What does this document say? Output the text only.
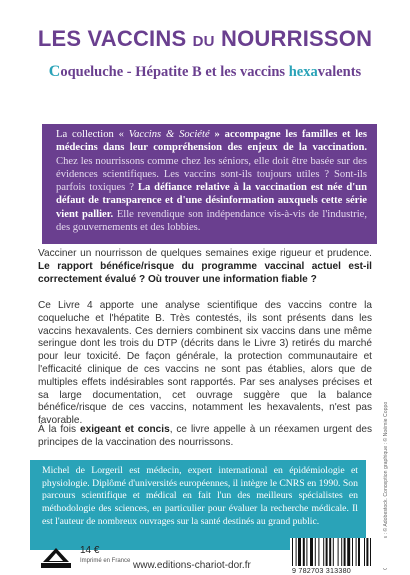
LES VACCINS DU NOURRISSON
Coqueluche - Hépatite B et les vaccins hexavalents
La collection « Vaccins & Société » accompagne les familles et les médecins dans leur compréhension des enjeux de la vaccination. Chez les nourrissons comme chez les séniors, elle doit être basée sur des évidences scientifiques. Les vaccins sont-ils toujours utiles ? Sont-ils parfois toxiques ? La défiance relative à la vaccination est née d'un défaut de transparence et d'une désinformation auxquels cette série vient pallier. Elle revendique son indépendance vis-à-vis de l'industrie, des gouvernements et des lobbies.
Vacciner un nourrisson de quelques semaines exige rigueur et prudence. Le rapport bénéfice/risque du programme vaccinal actuel est-il correctement évalué ? Où trouver une information fiable ?
Ce Livre 4 apporte une analyse scientifique des vaccins contre la coqueluche et l'hépatite B. Très contestés, ils sont présents dans les vaccins hexavalents. Ces derniers combinent six vaccins dans une même seringue dont les trois du DTP (décrits dans le Livre 3) retirés du marché pour leur toxicité. De façon générale, la protection communautaire et l'efficacité clinique de ces vaccins ne sont pas établies, alors que de multiples effets indésirables sont rapportés. Par ses analyses précises et sa large documentation, cet ouvrage suggère que la balance bénéfice/risque de ces vaccins, notamment les hexavalents, n'est pas favorable.
À la fois exigeant et concis, ce livre appelle à un réexamen urgent des principes de la vaccination des nourrissons.
Michel de Lorgeril est médecin, expert international en épidémiologie et physiologie. Diplômé d'universités européennes, il intègre le CNRS en 1990. Son parcours scientifique et médical en fait l'un des meilleurs spécialistes en méthodologie des sciences, en particulier pour évaluer la recherche médicale. Il est l'auteur de nombreux ouvrages sur la santé destinés au grand public.	Crédits Photos : © Adobestock. Conception graphique : © Noémie Coppo
14 €
Imprimé en France www.editions-chariot-dor.fr	9 782703 313380
